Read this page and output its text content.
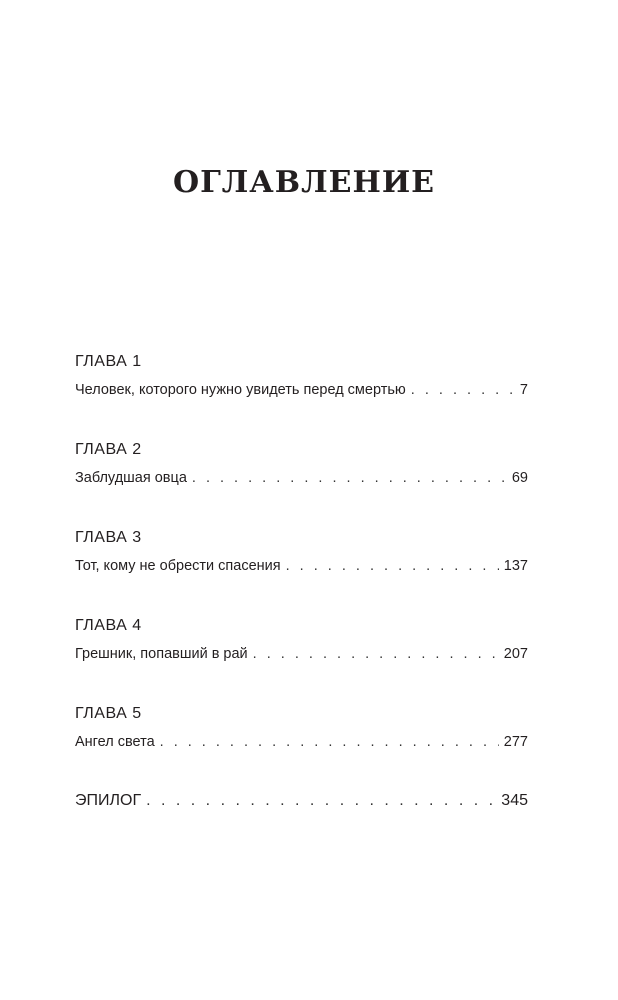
ОГЛАВЛЕНИЕ
ГЛАВА 1
Человек, которого нужно увидеть перед смертью . . .	7
ГЛАВА 2
Заблудшая овца . . .	69
ГЛАВА 3
Тот, кому не обрести спасения . . .	137
ГЛАВА 4
Грешник, попавший в рай . . .	207
ГЛАВА 5
Ангел света . . .	277
ЭПИЛОГ . . .	345
